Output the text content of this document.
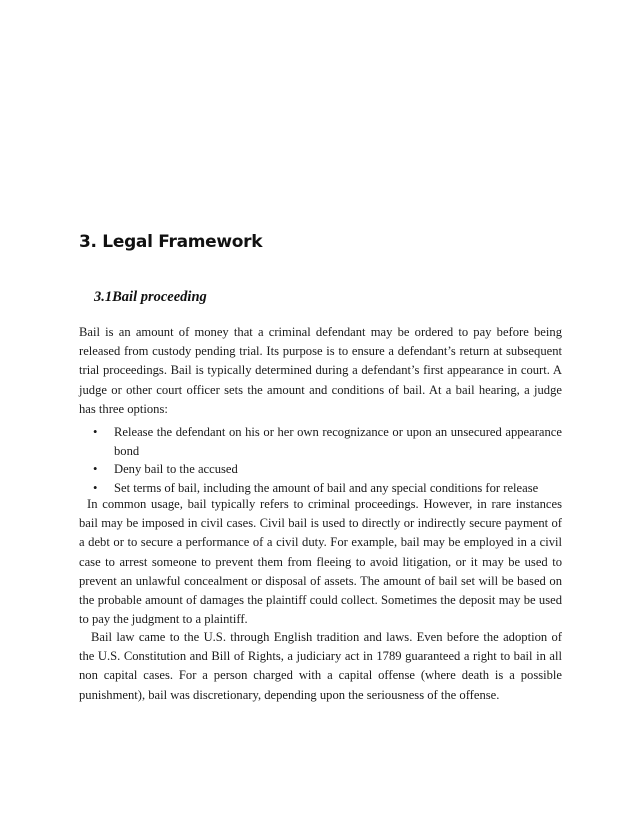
3. Legal Framework
3.1Bail proceeding

Bail is an amount of money that a criminal defendant may be ordered to pay before being released from custody pending trial. Its purpose is to ensure a defendant’s return at subsequent trial proceedings. Bail is typically determined during a defendant’s first appearance in court. A judge or other court officer sets the amount and conditions of bail. At a bail hearing, a judge has three options:

• Release the defendant on his or her own recognizance or upon an unsecured appearance bond
• Deny bail to the accused
• Set terms of bail, including the amount of bail and any special conditions for release

In common usage, bail typically refers to criminal proceedings. However, in rare instances bail may be imposed in civil cases. Civil bail is used to directly or indirectly secure payment of a debt or to secure a performance of a civil duty. For example, bail may be employed in a civil case to arrest someone to prevent them from fleeing to avoid litigation, or it may be used to prevent an unlawful concealment or disposal of assets. The amount of bail set will be based on the probable amount of damages the plaintiff could collect. Sometimes the deposit may be used to pay the judgment to a plaintiff.

Bail law came to the U.S. through English tradition and laws. Even before the adoption of the U.S. Constitution and Bill of Rights, a judiciary act in 1789 guaranteed a right to bail in all non capital cases. For a person charged with a capital offense (where death is a possible punishment), bail was discretionary, depending upon the seriousness of the offense.
